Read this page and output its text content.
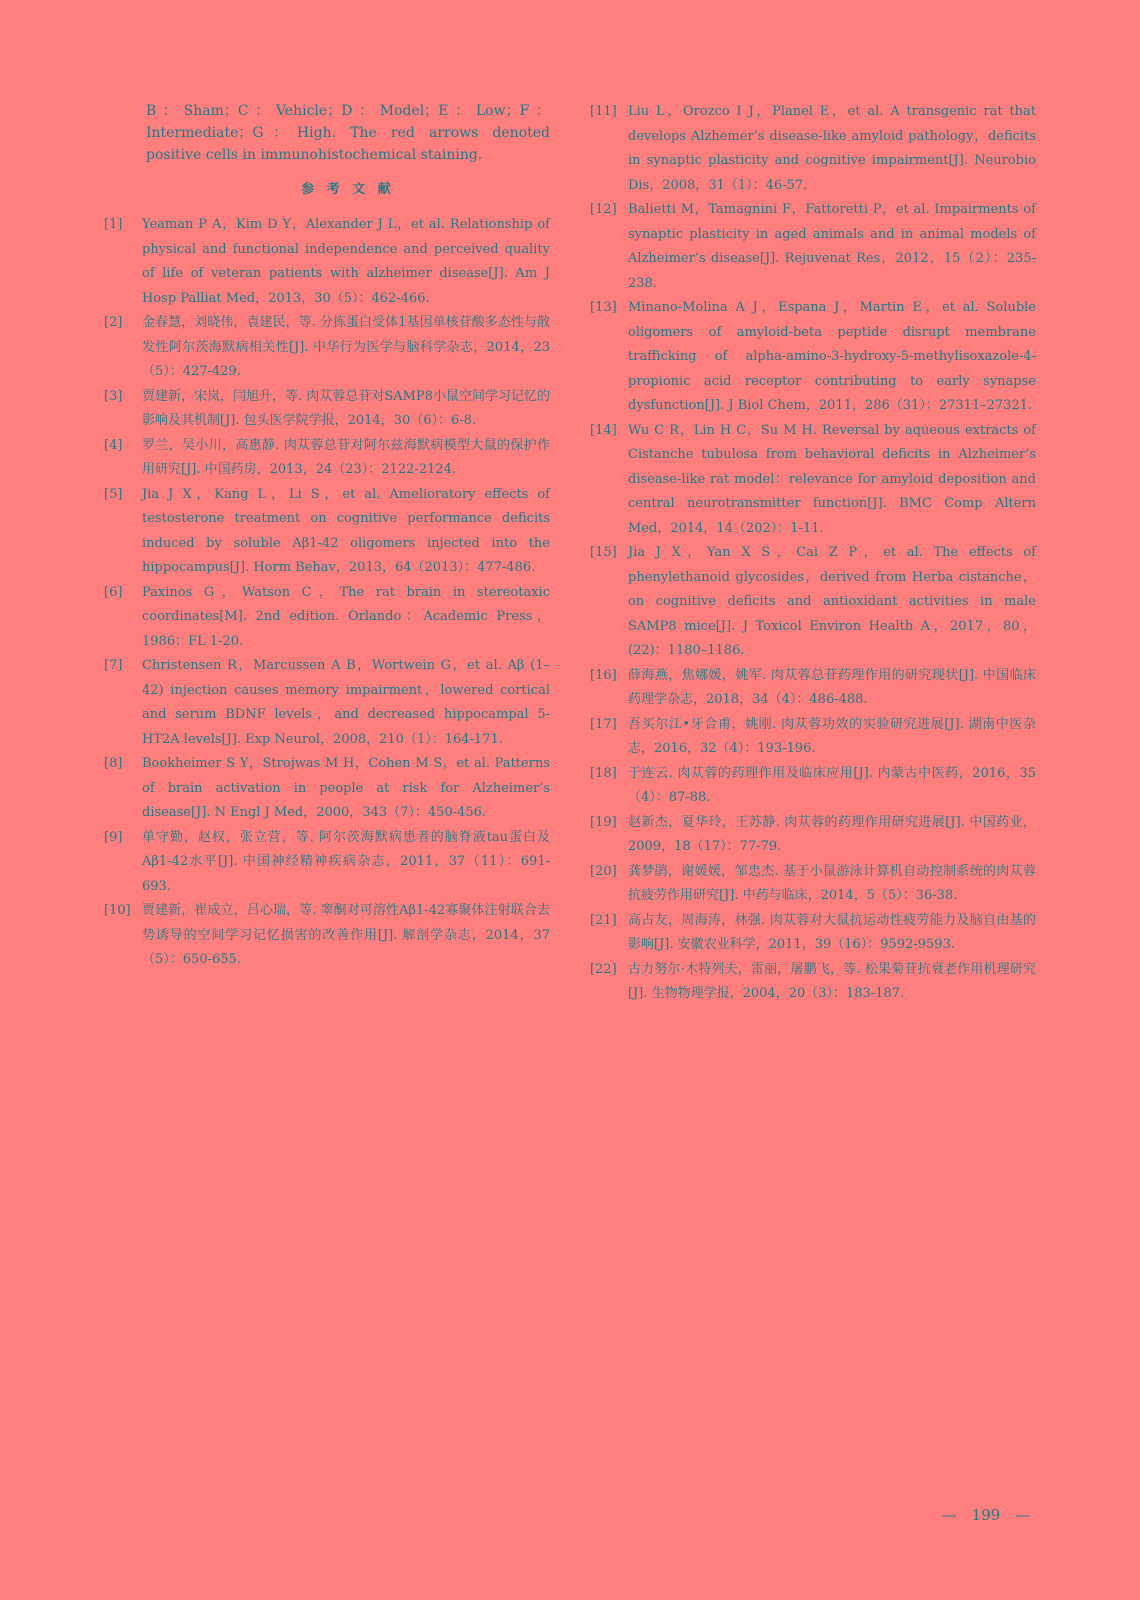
B：Sham；C：Vehicle；D：Model；E：Low；F：Intermediate；G：High. The red arrows denoted positive cells in immunohistochemical staining.

参 考 文 献
[1]	Yeaman P A，Kim D Y，Alexander J L，et al. Relationship of physical and functional independence and perceived quality of life of veteran patients with alzheimer disease[J]. Am J Hosp Palliat Med，2013，30（5）：462-466.
[2]	金春慧，刘晓伟，袁建民，等. 分拣蛋白受体1基因单核苷酸多态性与散发性阿尔茨海默病相关性[J]. 中华行为医学与脑科学杂志，2014，23（5）：427-429.
[3]	贾建新，宋岚，闫旭升，等. 肉苁蓉总苷对SAMP8小鼠空间学习记忆的影响及其机制[J]. 包头医学院学报，2014，30（6）：6-8.
[4]	罗兰，吴小川，高惠静. 肉苁蓉总苷对阿尔兹海默病模型大鼠的保护作用研究[J]. 中国药房，2013，24（23）：2122-2124.
[5]	Jia J X，Kang L，Li S，et al. Amelioratory effects of testosterone treatment on cognitive performance deficits induced by soluble Aβ1-42 oligomers injected into the hippocampus[J]. Horm Behav，2013，64（2013）：477-486.
[6]	Paxinos G，Watson C，The rat brain in stereotaxic coordinates[M]. 2nd edition. Orlando：Academic Press，1986：FL 1-20.
[7]	Christensen R，Marcussen A B，Wortwein G，et al. Aβ (1–42) injection causes memory impairment，lowered cortical and serum BDNF levels，and decreased hippocampal 5-HT2A levels[J]. Exp Neurol，2008，210（1）：164-171.
[8]	Bookheimer S Y，Strojwas M H，Cohen M S，et al. Patterns of brain activation in people at risk for Alzheimer’s disease[J]. N Engl J Med，2000，343（7）：450-456.
[9]	单守勤，赵权，张立营，等. 阿尔茨海默病患者的脑脊液tau蛋白及Aβ1-42水平[J]. 中国神经精神疾病杂志，2011，37（11）：691-693.
[10] 贾建新，崔成立，吕心瑞，等. 睾酮对可溶性Aβ1-42寡聚体注射联合去势诱导的空间学习记忆损害的改善作用[J]. 解剖学杂志，2014，37（5）：650-655.
[11] Liu L，Orozco I J，Planel E，et al. A transgenic rat that develops Alzhemer’s disease-like amyloid pathology，deficits in synaptic plasticity and cognitive impairment[J]. Neurobio Dis，2008，31（1）：46-57.
[12] Balietti M，Tamagnini F，Fattoretti P，et al. Impairments of synaptic plasticity in aged animals and in animal models of Alzheimer’s disease[J]. Rejuvenat Res，2012，15（2）：235-238.
[13] Minano-Molina A J，Espana J，Martin E，et al. Soluble oligomers of amyloid-beta peptide disrupt membrane trafficking of alpha-amino-3-hydroxy-5-methylisoxazole-4-propionic acid receptor contributing to early synapse dysfunction[J]. J Biol Chem，2011，286（31）：27311–27321.
[14] Wu C R，Lin H C，Su M H. Reversal by aqueous extracts of Cistanche tubulosa from behavioral deficits in Alzheimer’s disease-like rat model：relevance for amyloid deposition and central neurotransmitter function[J]. BMC Comp Altern Med，2014，14（202）：1-11.
[15] Jia J X，Yan X S，Cai Z P，et al. The effects of phenylethanoid glycosides，derived from Herba cistanche，on cognitive deficits and antioxidant activities in male SAMP8 mice[J]. J Toxicol Environ Health A，2017，80，(22)：1180–1186.
[16] 薛海燕，焦娜媛，姚军. 肉苁蓉总苷药理作用的研究现状[J]. 中国临床药理学杂志，2018，34（4）：486-488.
[17] 吾买尔江•牙合甫，姚刚. 肉苁蓉功效的实验研究进展[J]. 湖南中医杂志，2016，32（4）：193-196.
[18] 于连云. 肉苁蓉的药理作用及临床应用[J]. 内蒙古中医药，2016，35（4）：87-88.
[19] 赵新杰，夏华玲，王苏静. 肉苁蓉的药理作用研究进展[J]. 中国药业，2009，18（17）：77-79.
[20] 龚梦鹃，谢媛媛，邹忠杰. 基于小鼠游泳计算机自动控制系统的肉苁蓉抗疲劳作用研究[J]. 中药与临床，2014，5（5）：36-38.
[21] 高占友，周海涛，林强. 肉苁蓉对大鼠抗运动性疲劳能力及脑自由基的影响[J]. 安徽农业科学，2011，39（16）：9592-9593.
[22] 古力努尔·木特列夫，雷丽，屠鹏飞，等. 松果菊苷抗衰老作用机理研究[J]. 生物物理学报，2004，20（3）：183-187.
—　199　—
